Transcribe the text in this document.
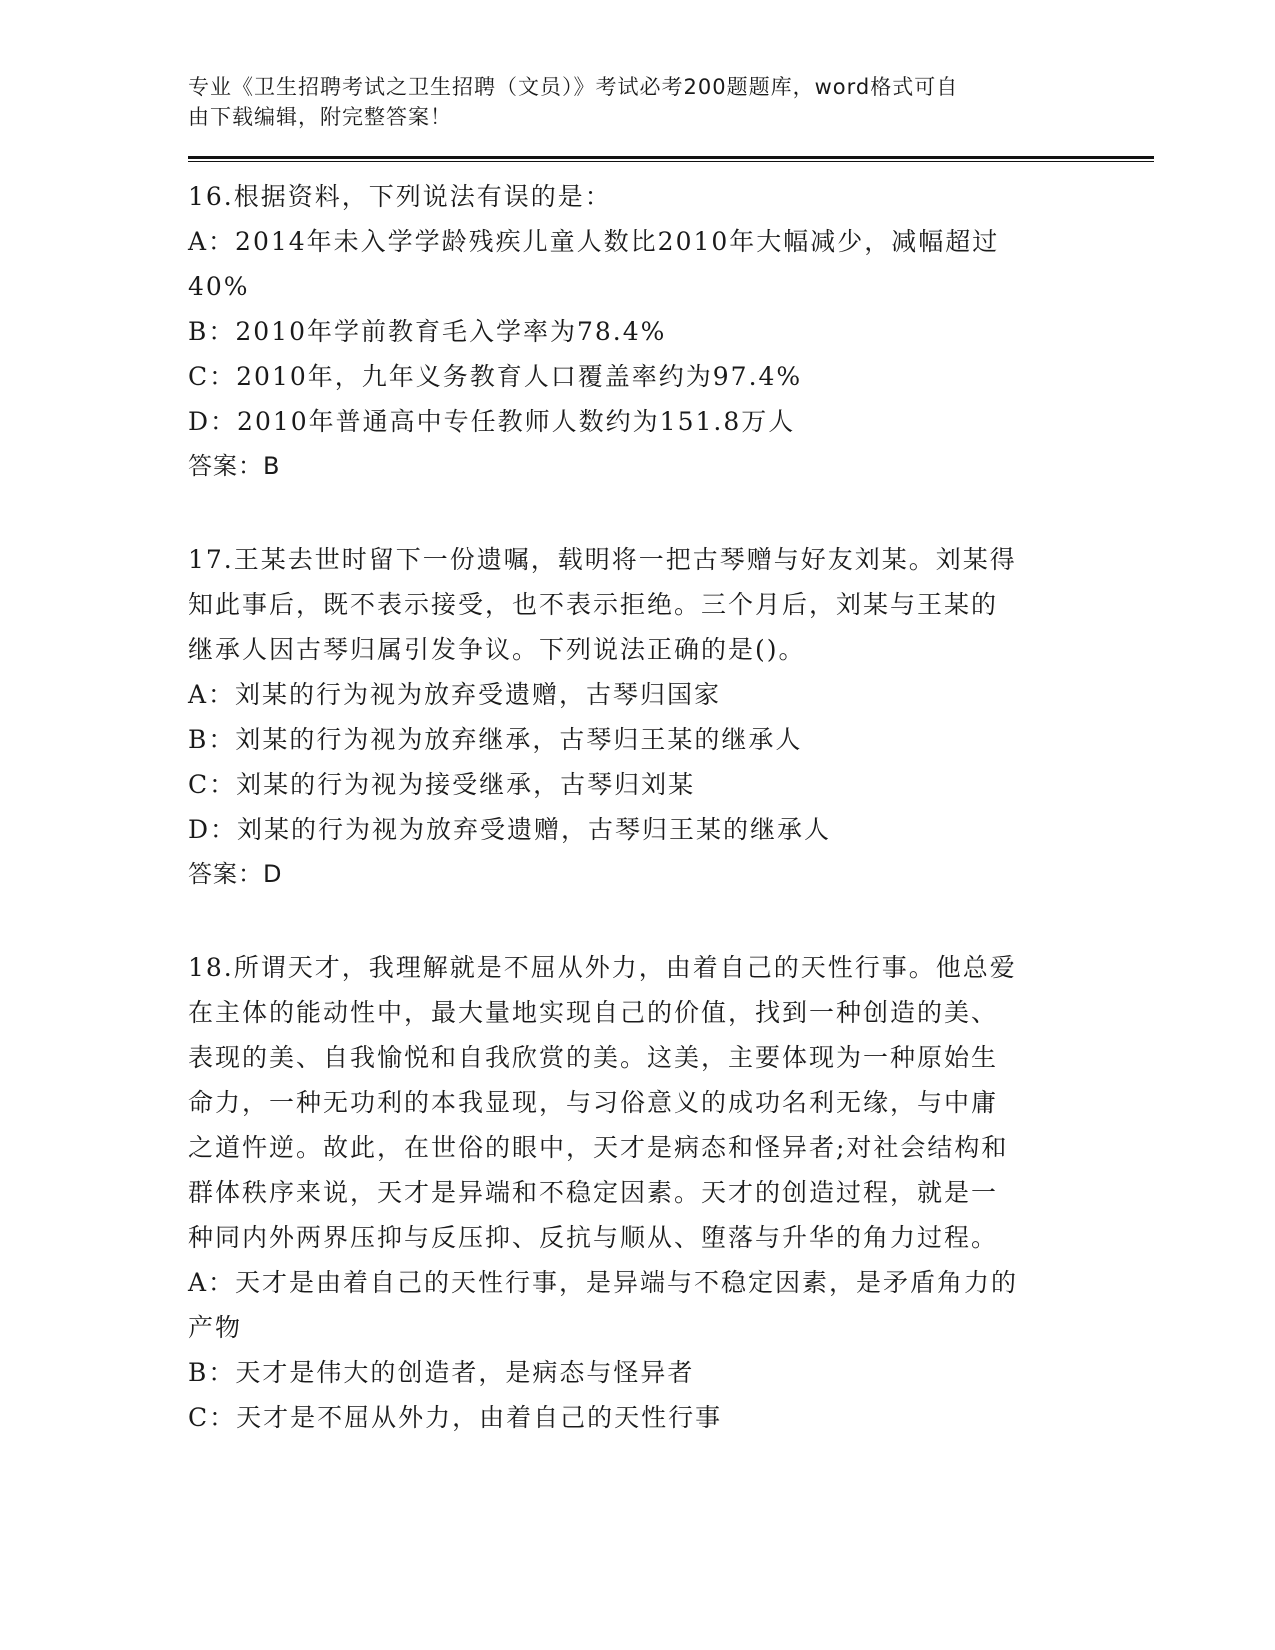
专业《卫生招聘考试之卫生招聘（文员）》考试必考200题题库，word格式可自
由下载编辑，附完整答案！
16.根据资料，下列说法有误的是：
A：2014年未入学学龄残疾儿童人数比2010年大幅减少，减幅超过
40%
B：2010年学前教育毛入学率为78.4%
C：2010年，九年义务教育人口覆盖率约为97.4%
D：2010年普通高中专任教师人数约为151.8万人
答案：B
17.王某去世时留下一份遗嘱，载明将一把古琴赠与好友刘某。刘某得
知此事后，既不表示接受，也不表示拒绝。三个月后，刘某与王某的
继承人因古琴归属引发争议。下列说法正确的是()。
A：刘某的行为视为放弃受遗赠，古琴归国家
B：刘某的行为视为放弃继承，古琴归王某的继承人
C：刘某的行为视为接受继承，古琴归刘某
D：刘某的行为视为放弃受遗赠，古琴归王某的继承人
答案：D
18.所谓天才，我理解就是不屈从外力，由着自己的天性行事。他总爱
在主体的能动性中，最大量地实现自己的价值，找到一种创造的美、
表现的美、自我愉悦和自我欣赏的美。这美，主要体现为一种原始生
命力，一种无功利的本我显现，与习俗意义的成功名利无缘，与中庸
之道忤逆。故此，在世俗的眼中，天才是病态和怪异者;对社会结构和
群体秩序来说，天才是异端和不稳定因素。天才的创造过程，就是一
种同内外两界压抑与反压抑、反抗与顺从、堕落与升华的角力过程。
A：天才是由着自己的天性行事，是异端与不稳定因素，是矛盾角力的
产物
B：天才是伟大的创造者，是病态与怪异者
C：天才是不屈从外力，由着自己的天性行事
